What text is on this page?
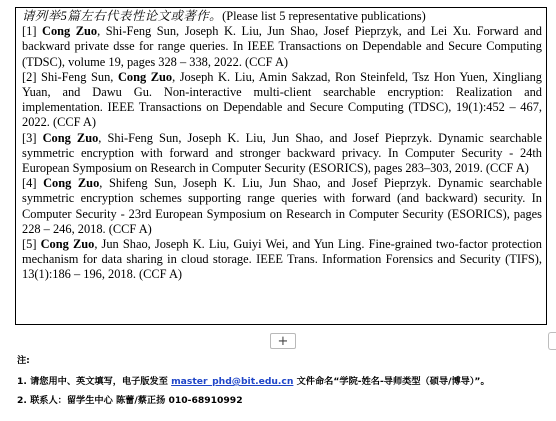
请列举5篇左右代表性论文或著作。(Please list 5 representative publications)
[1] Cong Zuo, Shi-Feng Sun, Joseph K. Liu, Jun Shao, Josef Pieprzyk, and Lei Xu. Forward and backward private dsse for range queries. In IEEE Transactions on Dependable and Secure Computing (TDSC), volume 19, pages 328 – 338, 2022. (CCF A)
[2] Shi-Feng Sun, Cong Zuo, Joseph K. Liu, Amin Sakzad, Ron Steinfeld, Tsz Hon Yuen, Xingliang Yuan, and Dawu Gu. Non-interactive multi-client searchable encryption: Realization and implementation. IEEE Transactions on Dependable and Secure Computing (TDSC), 19(1):452 – 467, 2022. (CCF A)
[3] Cong Zuo, Shi-Feng Sun, Joseph K. Liu, Jun Shao, and Josef Pieprzyk. Dynamic searchable symmetric encryption with forward and stronger backward privacy. In Computer Security - 24th European Symposium on Research in Computer Security (ESORICS), pages 283–303, 2019. (CCF A)
[4] Cong Zuo, Shifeng Sun, Joseph K. Liu, Jun Shao, and Josef Pieprzyk. Dynamic searchable symmetric encryption schemes supporting range queries with forward (and backward) security. In Computer Security - 23rd European Symposium on Research in Computer Security (ESORICS), pages 228 – 246, 2018. (CCF A)
[5] Cong Zuo, Jun Shao, Joseph K. Liu, Guiyi Wei, and Yun Ling. Fine-grained two-factor protection mechanism for data sharing in cloud storage. IEEE Trans. Information Forensics and Security (TIFS), 13(1):186 – 196, 2018. (CCF A)
+
注:
1. 请您用中、英文填写，电子版发至 master_phd@bit.edu.cn 文件命名“学院-姓名-导师类型（硕导/博导）”。
2. 联系人：留学生中心 陈蕾/蔡正扬 010-68910992
